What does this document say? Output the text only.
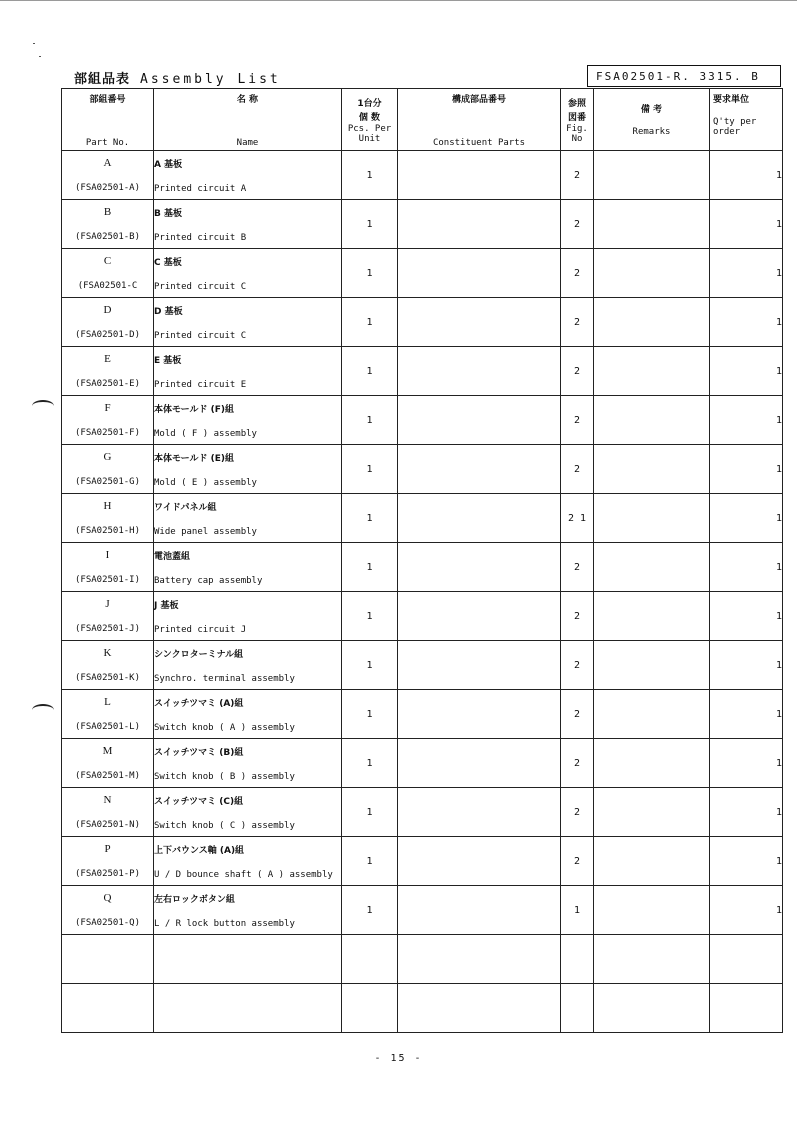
部組品表 Assembly List	FSA02501-R. 3315. B
部組番号
Part No.	名 称
Name	1台分
個 数
Pcs. Per Unit	構成部品番号
Constituent Parts	参照
図番
Fig. No	備 考
Remarks	要求単位
Q'ty per order

A
(FSA02501-A)	A 基板
Printed circuit A	1		2		1

B
(FSA02501-B)	B 基板
Printed circuit B	1		2		1

C
(FSA02501-C	C 基板
Printed circuit C	1		2		1

D
(FSA02501-D)	D 基板
Printed circuit C	1		2		1

E
(FSA02501-E)	E 基板
Printed circuit E	1		2		1

F
(FSA02501-F)	本体モールド (F)組
Mold ( F ) assembly	1		2		1

G
(FSA02501-G)	本体モールド (E)組
Mold ( E ) assembly	1		2		1

H
(FSA02501-H)	ワイドパネル組
Wide panel assembly	1		2 1		1

I
(FSA02501-I)	電池蓋組
Battery cap assembly	1		2		1

J
(FSA02501-J)	J 基板
Printed circuit J	1		2		1

K
(FSA02501-K)	シンクロターミナル組
Synchro. terminal assembly	1		2		1

L
(FSA02501-L)	スイッチツマミ (A)組
Switch knob ( A ) assembly	1		2		1

M
(FSA02501-M)	スイッチツマミ (B)組
Switch knob ( B ) assembly	1		2		1

N
(FSA02501-N)	スイッチツマミ (C)組
Switch knob ( C ) assembly	1		2		1

P
(FSA02501-P)	上下バウンス軸 (A)組
U / D bounce shaft ( A ) assembly	1		2		1

Q
(FSA02501-Q)	左右ロックボタン組
L / R lock button assembly	1		1		1

- 15 -
